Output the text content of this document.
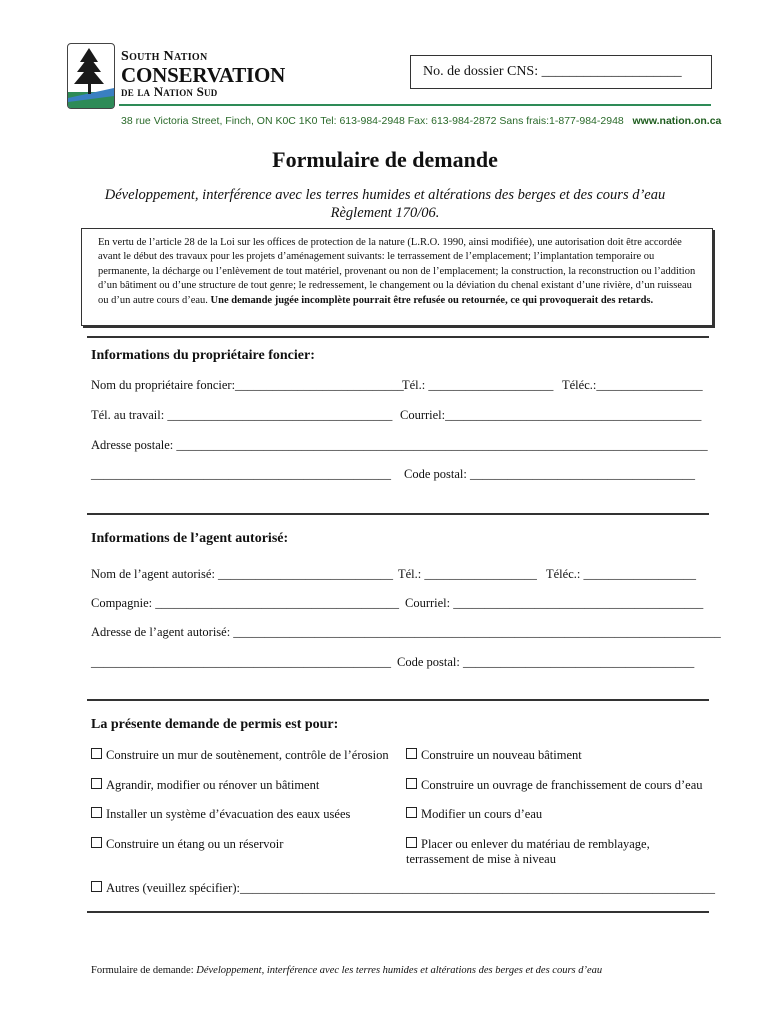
South Nation
CONSERVATION
de la Nation Sud
No. de dossier CNS: ____________________
38 rue Victoria Street, Finch, ON K0C 1K0 Tel: 613-984-2948 Fax: 613-984-2872 Sans frais:1-877-984-2948 www.nation.on.ca
Formulaire de demande
Développement, interférence avec les terres humides et altérations des berges et des cours d’eau Règlement 170/06.
En vertu de l’article 28 de la Loi sur les offices de protection de la nature (L.R.O. 1990, ainsi modifiée), une autorisation doit être accordée avant le début des travaux pour les projets d’aménagement suivants: le terrassement de l’emplacement; l’implantation temporaire ou permanente, la décharge ou l’enlèvement de tout matériel, provenant ou non de l’emplacement; la construction, la reconstruction ou l’addition d’un bâtiment ou d’une structure de tout genre; le redressement, le changement ou la déviation du chenal existant d’une rivière, d’un ruisseau ou d’un autre cours d’eau. Une demande jugée incomplète pourrait être refusée ou retournée, ce qui provoquerait des retards.
Informations du propriétaire foncier:
Nom du propriétaire foncier:___________________________
Tél.: ____________________ Téléc.:_________________
Tél. au travail: ____________________________________ Courriel:_________________________________________
Adresse postale: _____________________________________________________________________________________
________________________________________________ Code postal: ____________________________________
Informations de l’agent autorisé:
Nom de l’agent autorisé: ____________________________ Tél.: __________________ Téléc.: __________________
Compagnie: _______________________________________ Courriel: ________________________________________
Adresse de l’agent autorisé: ______________________________________________________________________________
________________________________________________ Code postal: _____________________________________
La présente demande de permis est pour:
Construire un mur de soutènement, contrôle de l’érosion
Agrandir, modifier ou rénover un bâtiment
Installer un système d’évacuation des eaux usées
Construire un étang ou un réservoir
Construire un nouveau bâtiment
Construire un ouvrage de franchissement de cours d’eau
Modifier un cours d’eau
Placer ou enlever du matériau de remblayage,
terrassement de mise à niveau
Autres (veuillez spécifier):____________________________________________________________________________
Formulaire de demande: Développement, interférence avec les terres humides et altérations des berges et des cours d’eau
